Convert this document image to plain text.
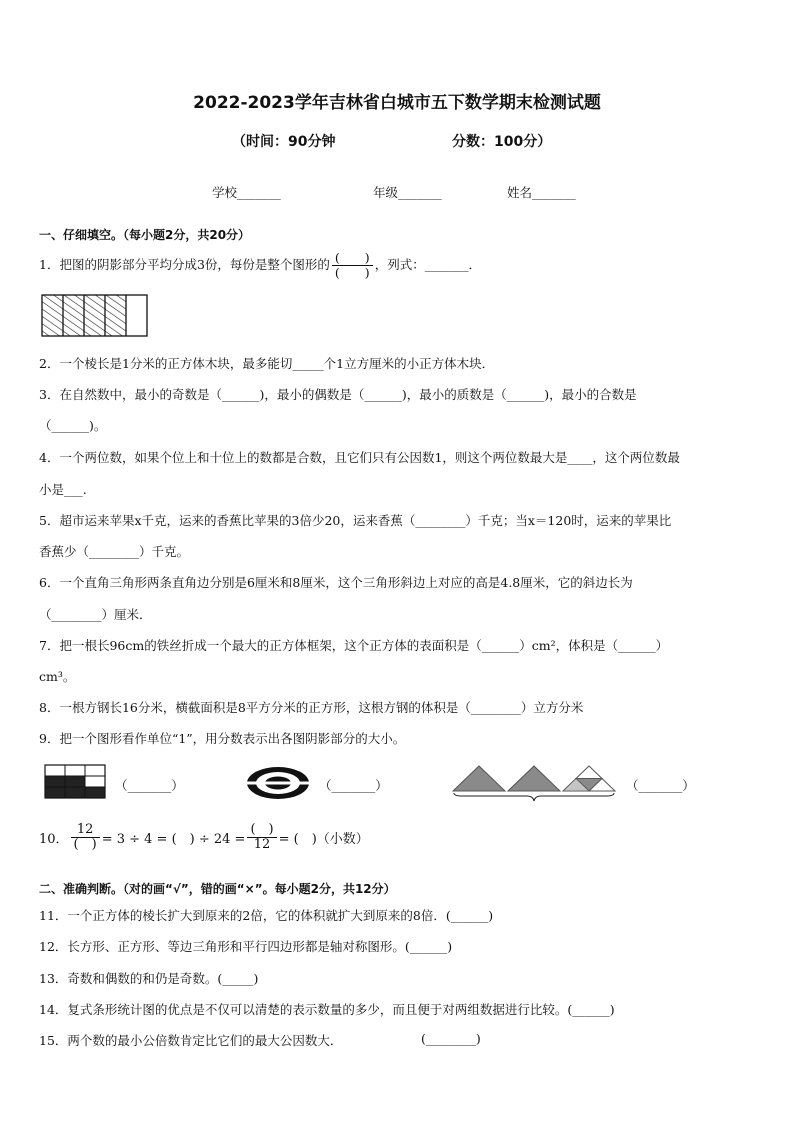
2022-2023学年吉林省白城市五下数学期末检测试题
（时间：90分钟	分数：100分）
学校_______	年级_______	姓名_______
一、仔细填空。（每小题2分，共20分）
1．把图的阴影部分平均分成3份，每份是整个图形的 $\frac{( )}{( )}$ ，列式：_______．
2．一个棱长是1分米的正方体木块，最多能切_____个1立方厘米的小正方体木块．
3．在自然数中，最小的奇数是（______)，最小的偶数是（______)，最小的质数是（______)，最小的合数是
（______)。
4．一个两位数，如果个位上和十位上的数都是合数，且它们只有公因数1，则这个两位数最大是____，这个两位数最
小是___.
5．超市运来苹果x千克，运来的香蕉比苹果的3倍少20，运来香蕉（________）千克；当x＝120时，运来的苹果比
香蕉少（________）千克。
6．一个直角三角形两条直角边分别是6厘米和8厘米，这个三角形斜边上对应的高是4.8厘米，它的斜边长为
（________）厘米．
7．把一根长96cm的铁丝折成一个最大的正方体框架，这个正方体的表面积是（______）cm²，体积是（______）
cm³。
8．一根方钢长16分米，横截面积是8平方分米的正方形，这根方钢的体积是（________）立方分米
9．把一个图形看作单位“1”，用分数表示出各图阴影部分的大小。
（_______）	（_______）	（_______）
10． $\frac{12}{( )} = 3 \div 4$ = (　) ÷ $24 = \frac{( )}{12}$ = (　)（小数）
二、准确判断。（对的画“√”，错的画“×”。每小题2分，共12分）
11．一个正方体的棱长扩大到原来的2倍，它的体积就扩大到原来的8倍．(______)
12．长方形、正方形、等边三角形和平行四边形都是轴对称图形。(______)
13．奇数和偶数的和仍是奇数。(_____)
14．复式条形统计图的优点是不仅可以清楚的表示数量的多少，而且便于对两组数据进行比较。(______)
15．两个数的最小公倍数肯定比它们的最大公因数大．	(________)
